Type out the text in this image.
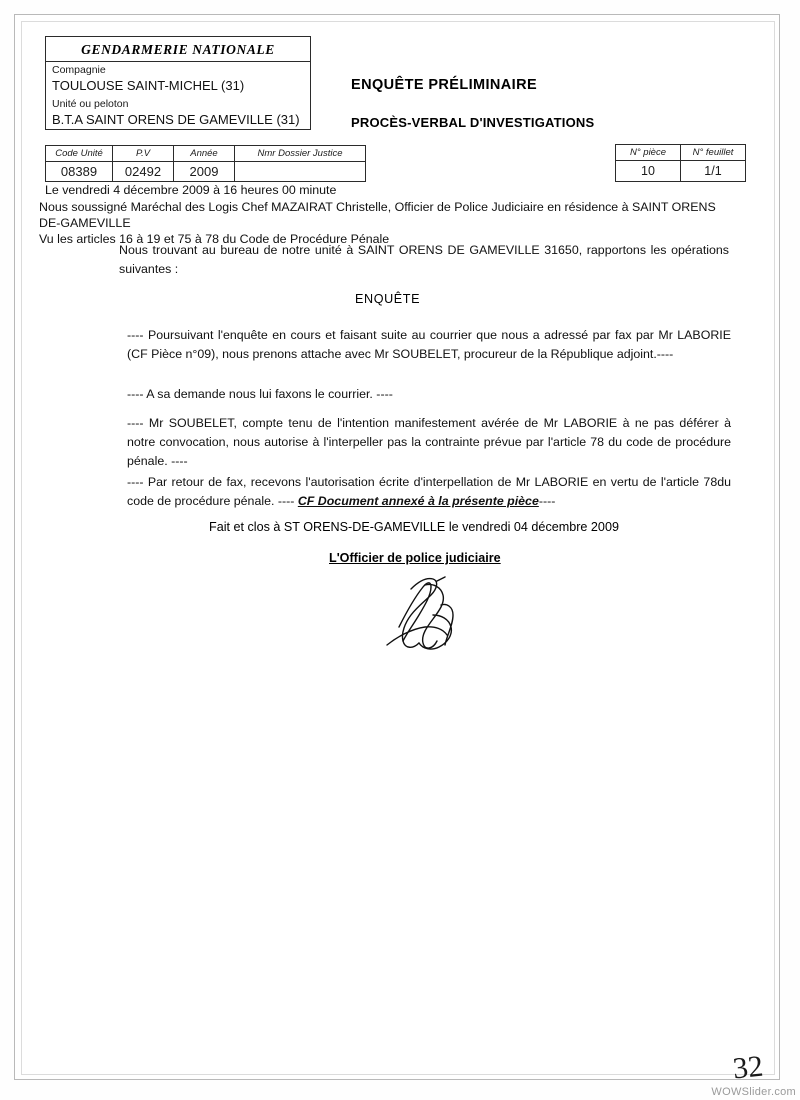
GENDARMERIE NATIONALE
Compagnie
TOULOUSE SAINT-MICHEL (31)
Unité ou peloton
B.T.A SAINT ORENS DE GAMEVILLE (31)
Code Unité	P.V	Année	Nmr Dossier Justice
08389	02492	2009	
N° pièce	N° feuillet
10	1/1
ENQUÊTE PRÉLIMINAIRE
PROCÈS-VERBAL D'INVESTIGATIONS
Le vendredi 4 décembre 2009 à 16 heures 00 minute
Nous soussigné Maréchal des Logis Chef MAZAIRAT Christelle, Officier de Police Judiciaire en résidence à SAINT ORENS DE-GAMEVILLE
Vu les articles 16 à 19 et 75 à 78 du Code de Procédure Pénale
Nous trouvant au bureau de notre unité à SAINT ORENS DE GAMEVILLE 31650, rapportons les opérations suivantes :
ENQUÊTE
---- Poursuivant l'enquête en cours et faisant suite au courrier que nous a adressé par fax par Mr LABORIE (CF Pièce n°09), nous prenons attache avec Mr SOUBELET, procureur de la République adjoint.----
---- A sa demande nous lui faxons le courrier. ----
---- Mr SOUBELET, compte tenu de l'intention manifestement avérée de Mr LABORIE à ne pas déférer à notre convocation, nous autorise à l'interpeller pas la contrainte prévue par l'article 78 du code de procédure pénale. ----
---- Par retour de fax, recevons l'autorisation écrite d'interpellation de Mr LABORIE en vertu de l'article 78du code de procédure pénale. ---- CF Document annexé à la présente pièce----
Fait et clos à ST ORENS-DE-GAMEVILLE le vendredi 04 décembre 2009
L'Officier de police judiciaire
32
WOWSlider.com
